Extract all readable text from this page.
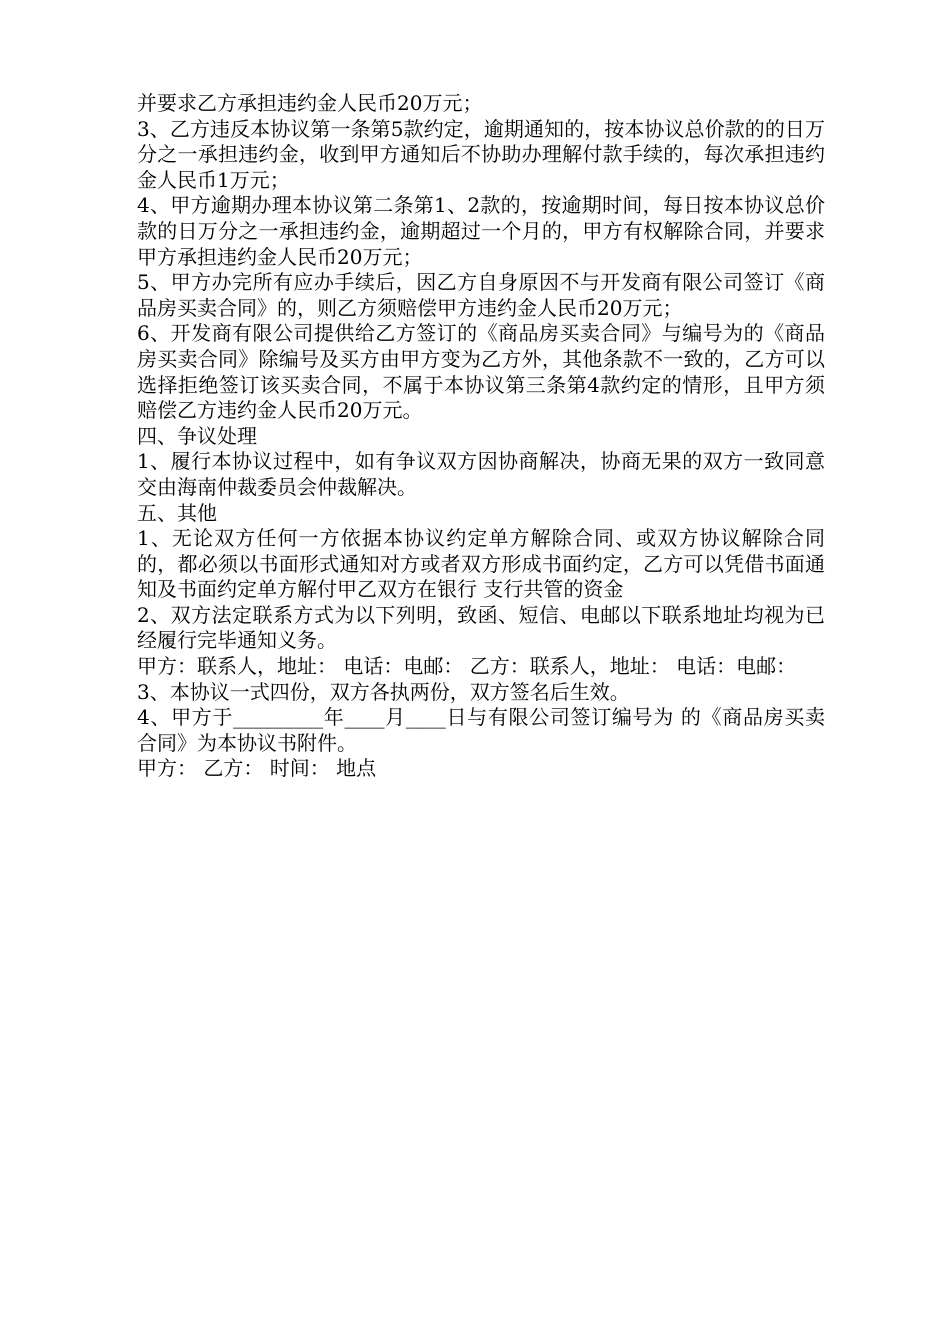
并要求乙方承担违约金人民币20万元；

3、乙方违反本协议第一条第5款约定，逾期通知的，按本协议总价款的的日万分之一承担违约金，收到甲方通知后不协助办理解付款手续的，每次承担违约金人民币1万元；

4、甲方逾期办理本协议第二条第1、2款的，按逾期时间，每日按本协议总价款的日万分之一承担违约金，逾期超过一个月的，甲方有权解除合同，并要求甲方承担违约金人民币20万元；

5、甲方办完所有应办手续后，因乙方自身原因不与开发商有限公司签订《商品房买卖合同》的，则乙方须赔偿甲方违约金人民币20万元；

6、开发商有限公司提供给乙方签订的《商品房买卖合同》与编号为的《商品房买卖合同》除编号及买方由甲方变为乙方外，其他条款不一致的，乙方可以选择拒绝签订该买卖合同，不属于本协议第三条第4款约定的情形，且甲方须赔偿乙方违约金人民币20万元。

四、争议处理

1、履行本协议过程中，如有争议双方因协商解决，协商无果的双方一致同意交由海南仲裁委员会仲裁解决。

五、其他

1、无论双方任何一方依据本协议约定单方解除合同、或双方协议解除合同的，都必须以书面形式通知对方或者双方形成书面约定，乙方可以凭借书面通知及书面约定单方解付甲乙双方在银行 支行共管的资金

2、双方法定联系方式为以下列明，致函、短信、电邮以下联系地址均视为已经履行完毕通知义务。

甲方：联系人，地址： 电话：电邮： 乙方：联系人，地址： 电话：电邮：

3、本协议一式四份，双方各执两份，双方签名后生效。

4、甲方于_________年____月____日与有限公司签订编号为 的《商品房买卖合同》为本协议书附件。

甲方： 乙方： 时间： 地点
